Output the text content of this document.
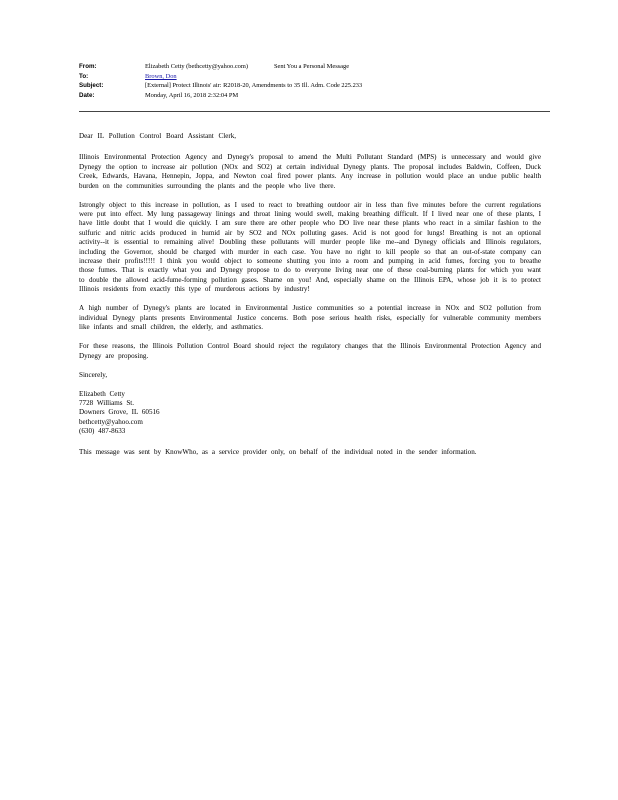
From:	Elizabeth Cetty (bethcetty@yahoo.com)	Sent You a Personal Message
To:	Brown, Don
Subject:	[External] Protect Illinois' air: R2018-20, Amendments to 35 Ill. Adm. Code 225.233
Date:	Monday, April 16, 2018 2:32:04 PM

Dear IL Pollution Control Board Assistant Clerk,

Illinois Environmental Protection Agency and Dynegy's proposal to amend the Multi Pollutant Standard (MPS) is unnecessary and would give Dynegy the option to increase air pollution (NOx and SO2) at certain individual Dynegy plants. The proposal includes Baldwin, Coffeen, Duck Creek, Edwards, Havana, Hennepin, Joppa, and Newton coal fired power plants. Any increase in pollution would place an undue public health burden on the communities surrounding the plants and the people who live there.

Istrongly object to this increase in pollution, as I used to react to breathing outdoor air in less than five minutes before the current regulations were put into effect. My lung passageway linings and throat lining would swell, making breathing difficult. If I lived near one of these plants, I have little doubt that I would die quickly. I am sure there are other people who DO live near these plants who react in a similar fashion to the sulfuric and nitric acids produced in humid air by SO2 and NOx polluting gases. Acid is not good for lungs! Breathing is not an optional activity--it is essential to remaining alive! Doubling these pollutants will murder people like me--and Dynegy officials and Illinois regulators, including the Governor, should be charged with murder in each case. You have no right to kill people so that an out-of-state company can increase their profits!!!!! I think you would object to someone shutting you into a room and pumping in acid fumes, forcing you to breathe those fumes. That is exactly what you and Dynegy propose to do to everyone living near one of these coal-burning plants for which you want to double the allowed acid-fume-forming pollution gases. Shame on you! And, especially shame on the Illinois EPA, whose job it is to protect Illinois residents from exactly this type of murderous actions by industry!

A high number of Dynegy's plants are located in Environmental Justice communities so a potential increase in NOx and SO2 pollution from individual Dynegy plants presents Environmental Justice concerns. Both pose serious health risks, especially for vulnerable community members like infants and small children, the elderly, and asthmatics.

For these reasons, the Illinois Pollution Control Board should reject the regulatory changes that the Illinois Environmental Protection Agency and Dynegy are proposing.

Sincerely,

Elizabeth Cetty
7728 Williams St.
Downers Grove, IL 60516
bethcetty@yahoo.com
(630) 487-8633

This message was sent by KnowWho, as a service provider only, on behalf of the individual noted in the sender information.
